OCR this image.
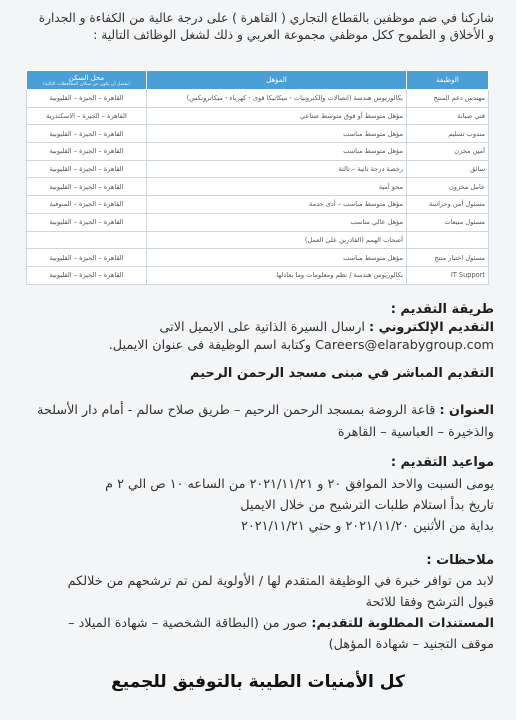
شاركنا في ضم موظفين بالقطاع التجاري ( القاهرة ) على درجة عالية من الكفاءة و الجدارة
و الأخلاق و الطموح ككل موظفي مجموعة العربي و ذلك لشغل الوظائف التالية :
الوظيفة	المؤهل	محل السكن
(يفضل أن يكون من سكان المحافظات التالية)

مهندس دعم المنتج	بكالوريوس هندسة (اتصالات وإلكترونيات - ميكانيكا قوى - كهرباء - ميكاترونكس)	القاهرة – الجيزة – القليوبية
فني صيانة	مؤهل متوسط أو فوق متوسط صناعي	القاهرة – الجيزة – الاسكندرية
مندوب تسليم	مؤهل متوسط مناسب	القاهرة – الجيزة – القليوبية
أمين مخزن	مؤهل متوسط مناسب	القاهرة – الجيزة – القليوبية
سائق	رخصة درجة ثانية – ثالثة	القاهرة – الجيزة – القليوبية
عامل مخزون	محو أمية	القاهرة – الجيزة – القليوبية
مسئول أمن وحراسة	مؤهل متوسط مناسب – أدى خدمة	القاهرة – الجيزة – المنوفية
مسئول مبيعات	مؤهل عالي مناسب	القاهرة – الجيزة – القليوبية
	أصحاب الهمم (القادرين على العمل)	
مسئول اختبار منتج	مؤهل متوسط مناسب	القاهرة – الجيزة – القليوبية
IT Support	بكالوريوس هندسة / نظم ومعلومات وما يعادلها	القاهرة – الجيزة – القليوبية
طريقة التقديم :
التقديم الإلكتروني : ارسال السيرة الذاتية على الايميل الاتى
Careers@elarabygroup.com وكتابة اسم الوظيفة فى عنوان الايميل.
التقديم المباشر في مبنى مسجد الرحمن الرحيم
العنوان : قاعة الروضة بمسجد الرحمن الرحيم – طريق صلاح سالم - أمام دار الأسلحة
والذخيرة – العباسية – القاهرة
مواعيد التقديم :
يومى السبت والاحد الموافق ٢٠ و ٢٠٢١/١١/٢١ من الساعه ١٠ ص الي ٢ م
تاريخ بدأ استلام طلبات الترشيح من خلال الايميل
بداية من الأثنين ٢٠٢١/١١/٢٠ و حتي ٢٠٢١/١١/٢١
ملاحظات :
لابد من توافر خبرة في الوظيفة المتقدم لها / الأولوية لمن تم ترشحهم من خلالكم
قبول الترشح وفقا للائحة
المستندات المطلوبة للتقديم: صور من (البطاقة الشخصية – شهادة الميلاد –
موقف التجنيد – شهادة المؤهل)
كل الأمنيات الطيبة بالتوفيق للجميع
